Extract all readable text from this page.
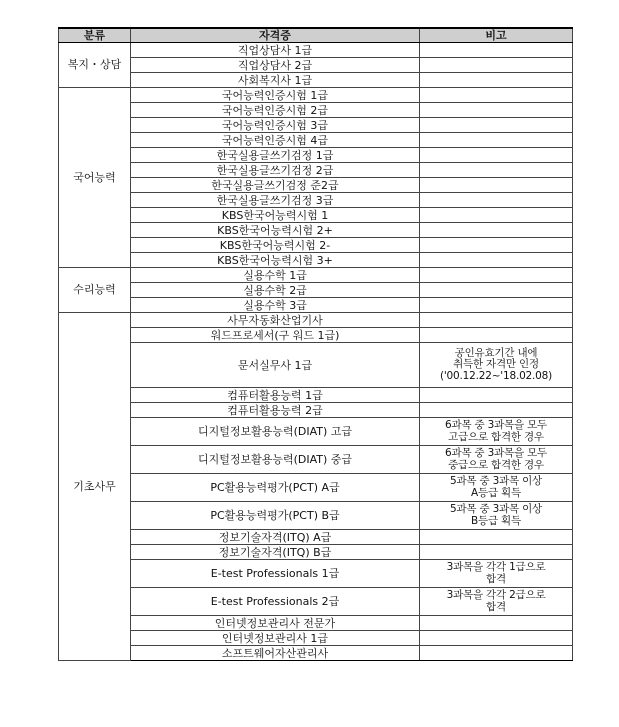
분류	자격증	비고
복지・상담	직업상담사 1급	
	직업상담사 2급	
	사회복지사 1급	
국어능력	국어능력인증시험 1급	
	국어능력인증시험 2급	
	국어능력인증시험 3급	
	국어능력인증시험 4급	
	한국실용글쓰기검정 1급	
	한국실용글쓰기검정 2급	
	한국실용글쓰기검정 준2급	
	한국실용글쓰기검정 3급	
	KBS한국어능력시험 1	
	KBS한국어능력시험 2+	
	KBS한국어능력시험 2-	
	KBS한국어능력시험 3+	
수리능력	실용수학 1급	
	실용수학 2급	
	실용수학 3급	
기초사무	사무자동화산업기사	
	워드프로세서(구 워드 1급)	
	문서실무사 1급	공인유효기간 내에
취득한 자격만 인정
('00.12.22~'18.02.08)

	컴퓨터활용능력 1급	
	컴퓨터활용능력 2급	
	디지털정보활용능력(DIAT) 고급	6과목 중 3과목을 모두
고급으로 합격한 경우

	디지털정보활용능력(DIAT) 중급	6과목 중 3과목을 모두
중급으로 합격한 경우

	PC활용능력평가(PCT) A급	5과목 중 3과목 이상
A등급 획득

	PC활용능력평가(PCT) B급	5과목 중 3과목 이상
B등급 획득

	정보기술자격(ITQ) A급	
	정보기술자격(ITQ) B급	
	E-test Professionals 1급	3과목을 각각 1급으로
합격

	E-test Professionals 2급	3과목을 각각 2급으로
합격

	인터넷정보관리사 전문가	
	인터넷정보관리사 1급	
	소프트웨어자산관리사	
